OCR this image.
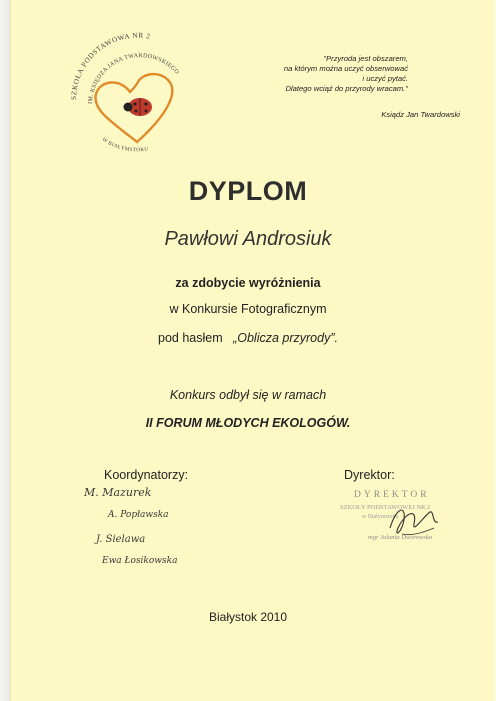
SZKOŁA PODSTAWOWA NR 2
IM. KSIĘDZA JANA TWARDOWSKIEGO
W BIAŁYMSTOKU
"Przyroda jest obszarem,
na którym można uczyć obserwować
i uczyć pytać.
Dlatego wciąż do przyrody wracam."
Ksiądz Jan Twardowski
DYPLOM
Pawłowi Androsiuk
za zdobycie wyróżnienia
w Konkursie Fotograficznym
pod hasłem „Oblicza przyrody”.
Konkurs odbył się w ramach
II FORUM MŁODYCH EKOLOGÓW.
Koordynatorzy:
M. Mazurek
A. Popławska
J. Sielawa
Ewa Łosikowska
Dyrektor:
DYREKTOR
SZKOŁY PODSTAWOWEJ NR 2
w Białymstoku
mgr Jolanta Dworowska
Białystok 2010
